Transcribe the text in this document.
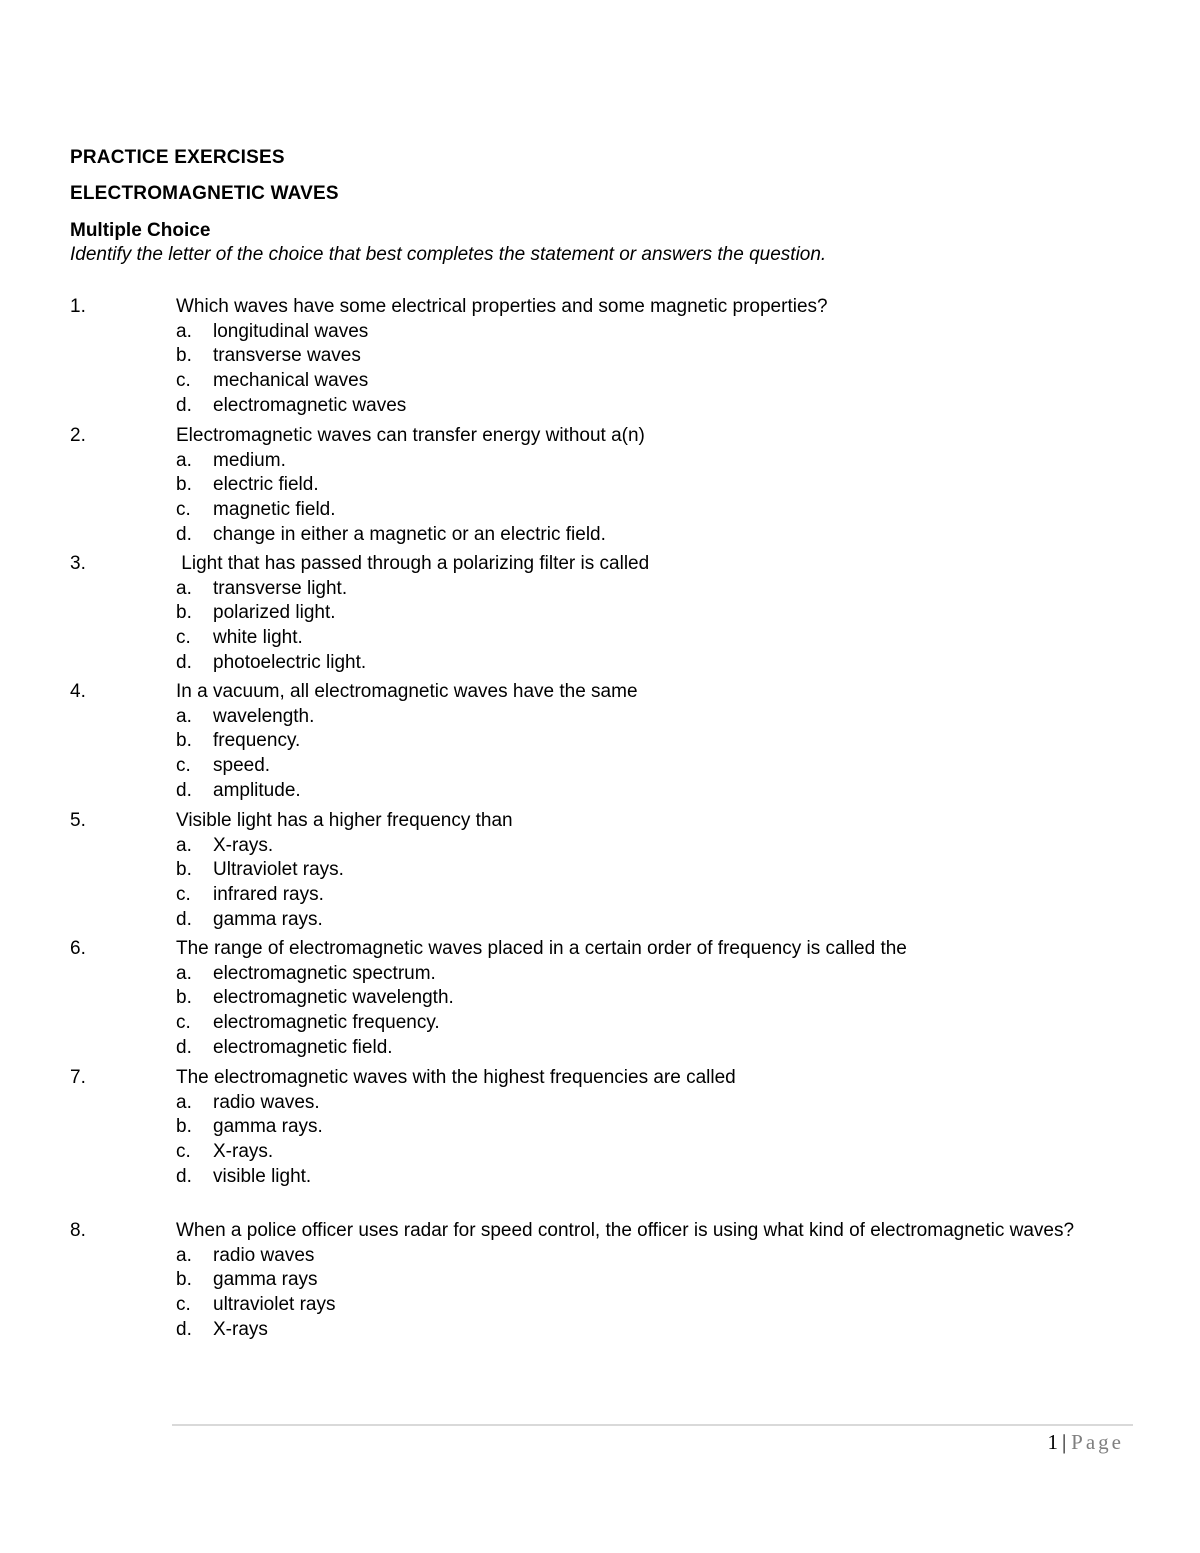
PRACTICE EXERCISES
ELECTROMAGNETIC WAVES
Multiple Choice
Identify the letter of the choice that best completes the statement or answers the question.
1.	Which waves have some electrical properties and some magnetic properties?
a. longitudinal waves
b. transverse waves
c. mechanical waves
d. electromagnetic waves
2.	Electromagnetic waves can transfer energy without a(n)
a. medium.
b. electric field.
c. magnetic field.
d. change in either a magnetic or an electric field.
3.	Light that has passed through a polarizing filter is called
a. transverse light.
b. polarized light.
c. white light.
d. photoelectric light.
4.	In a vacuum, all electromagnetic waves have the same
a. wavelength.
b. frequency.
c. speed.
d. amplitude.
5.	Visible light has a higher frequency than
a. X-rays.
b. Ultraviolet rays.
c. infrared rays.
d. gamma rays.
6.	The range of electromagnetic waves placed in a certain order of frequency is called the
a. electromagnetic spectrum.
b. electromagnetic wavelength.
c. electromagnetic frequency.
d. electromagnetic field.
7.	The electromagnetic waves with the highest frequencies are called
a. radio waves.
b. gamma rays.
c. X-rays.
d. visible light.
8.	When a police officer uses radar for speed control, the officer is using what kind of electromagnetic waves?
a. radio waves
b. gamma rays
c. ultraviolet rays
d. X-rays
1 | Page
